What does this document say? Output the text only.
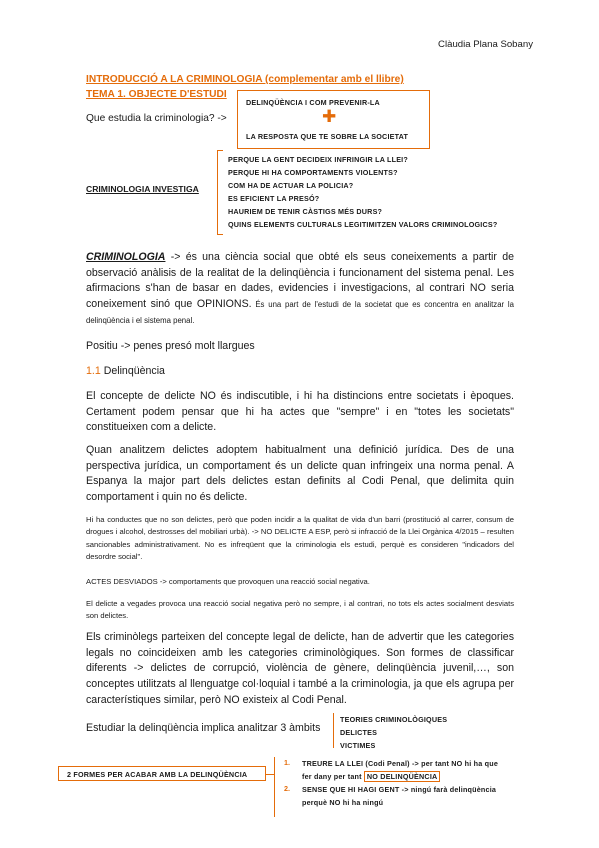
Clàudia Plana Sobany
INTRODUCCIÓ A LA CRIMINOLOGIA (complementar amb el llibre)
TEMA 1. OBJECTE D'ESTUDI
Que estudia la criminologia? ->
DELINQÜÈNCIA I COM PREVENIR-LA
✚
LA RESPOSTA QUE TE SOBRE LA SOCIETAT
CRIMINOLOGIA INVESTIGA
PERQUE LA GENT DECIDEIX INFRINGIR LA LLEI?
PERQUE HI HA COMPORTAMENTS VIOLENTS?
COM HA DE ACTUAR LA POLICIA?
ES EFICIENT LA PRESÓ?
HAURIEM DE TENIR CÀSTIGS MÉS DURS?
QUINS ELEMENTS CULTURALS LEGITIMITZEN VALORS CRIMINOLOGICS?

CRIMINOLOGIA -> és una ciència social que obté els seus coneixements a partir de observació anàlisis de la realitat de la delinqüència i funcionament del sistema penal. Les afirmacions s'han de basar en dades, evidencies i investigacions, al contrari NO seria coneixement sinó que OPINIONS. És una part de l'estudi de la societat que es concentra en analitzar la delinqüència i el sistema penal.

Positiu -> penes presó molt llargues
1.1 Delinqüència

El concepte de delicte NO és indiscutible, i hi ha distincions entre societats i èpoques. Certament podem pensar que hi ha actes que "sempre" i en "totes les societats" constitueixen com a delicte.

Quan analitzem delictes adoptem habitualment una definició jurídica. Des de una perspectiva jurídica, un comportament és un delicte quan infringeix una norma penal. A Espanya la major part dels delictes estan definits al Codi Penal, que delimita quin comportament i quin no és delicte.

Hi ha conductes que no son delictes, però que poden incidir a la qualitat de vida d'un barri (prostitució al carrer, consum de drogues i alcohol, destrosses del mobiliari urbà). -> NO DELICTE A ESP, però si infracció de la Llei Orgànica 4/2015 – resulten sancionables administrativament. No es infreqüent que la criminologia els estudi, perquè es consideren "indicadors del desordre social".

ACTES DESVIADOS -> comportaments que provoquen una reacció social negativa.

El delicte a vegades provoca una reacció social negativa però no sempre, i al contrari, no tots els actes socialment desviats son delictes.

Els criminòlegs parteixen del concepte legal de delicte, han de advertir que les categories legals no coincideixen amb les categories criminològiques. Son formes de classificar diferents -> delictes de corrupció, violència de gènere, delinqüència juvenil,…, son conceptes utilitzats al llenguatge col·loquial i també a la criminologia, ja que els agrupa per característiques similar, però NO existeix al Codi Penal.

Estudiar la delinqüència implica analitzar 3 àmbits
TEORIES CRIMINOLÒGIQUES
DELICTES
VICTIMES
2 FORMES PER ACABAR AMB LA DELINQÜÈNCIA
1. TREURE LA LLEI (Codi Penal) -> per tant NO hi ha que
fer dany per tant NO DELINQÜÈNCIA
2. SENSE QUE HI HAGI GENT -> ningú farà delinqüència
perquè NO hi ha ningú
